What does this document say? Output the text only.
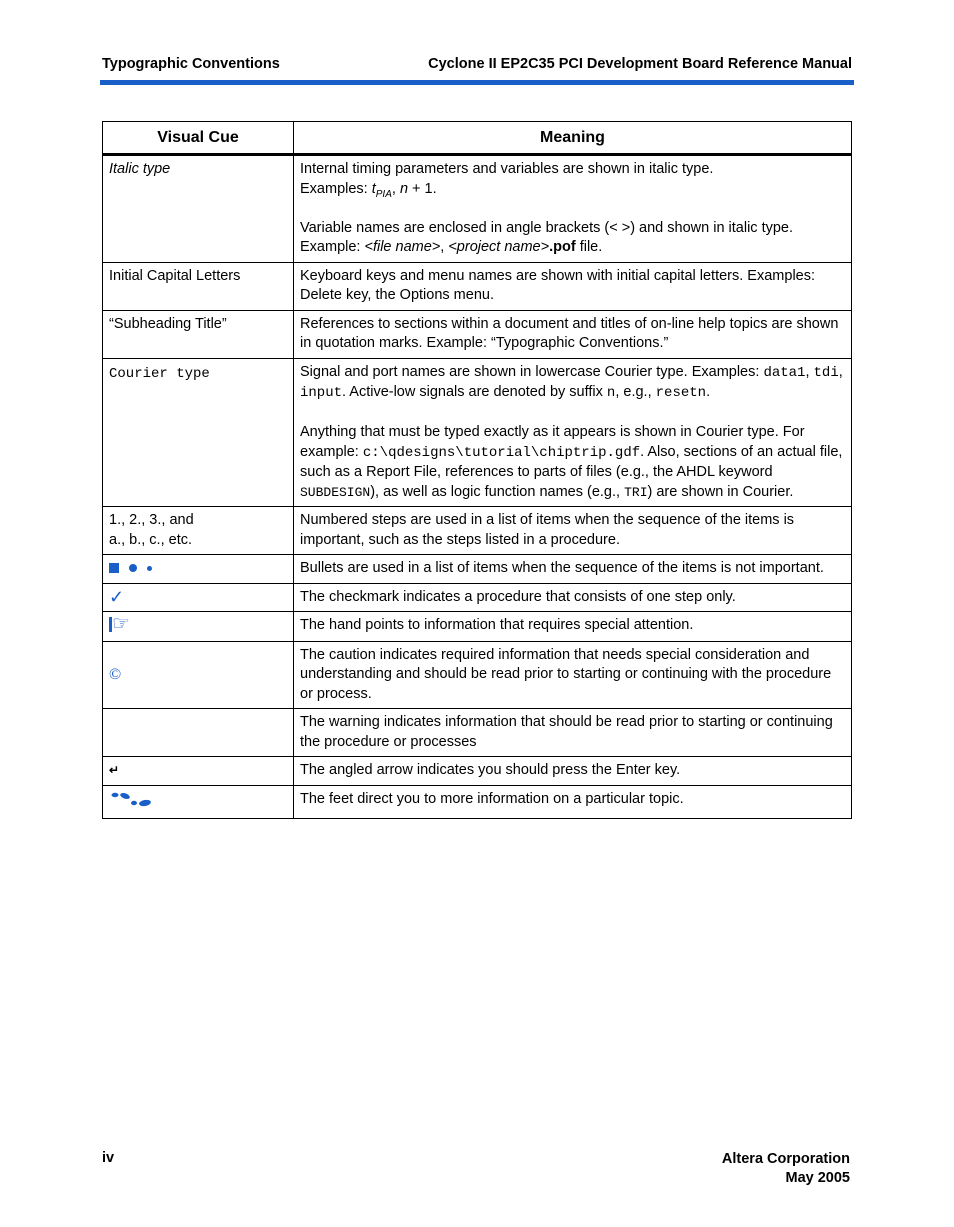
Typographic Conventions	Cyclone II EP2C35 PCI Development Board Reference Manual
Visual Cue	Meaning
Italic type	Internal timing parameters and variables are shown in italic type.
Examples: $t_{PIA}$, n + 1.
Variable names are enclosed in angle brackets (< >) and shown in italic type.
Example: <file name>, <project name>.pof file.
Initial Capital Letters	Keyboard keys and menu names are shown with initial capital letters. Examples: Delete key, the Options menu.
“Subheading Title”	References to sections within a document and titles of on-line help topics are shown in quotation marks. Example: “Typographic Conventions.”
Courier type	Signal and port names are shown in lowercase Courier type. Examples: data1, tdi, input. Active-low signals are denoted by suffix n, e.g., resetn.
Anything that must be typed exactly as it appears is shown in Courier type. For example: c:\qdesigns\tutorial\chiptrip.gdf. Also, sections of an actual file, such as a Report File, references to parts of files (e.g., the AHDL keyword SUBDESIGN), as well as logic function names (e.g., TRI) are shown in Courier.
1., 2., 3., and
a., b., c., etc.	Numbered steps are used in a list of items when the sequence of the items is important, such as the steps listed in a procedure.
	Bullets are used in a list of items when the sequence of the items is not important.
✓	The checkmark indicates a procedure that consists of one step only.
☞	The hand points to information that requires special attention.
©	The caution indicates required information that needs special consideration and understanding and should be read prior to starting or continuing with the procedure or process.
	The warning indicates information that should be read prior to starting or continuing the procedure or processes
↵	The angled arrow indicates you should press the Enter key.
	The feet direct you to more information on a particular topic.
iv	Altera Corporation
May 2005
